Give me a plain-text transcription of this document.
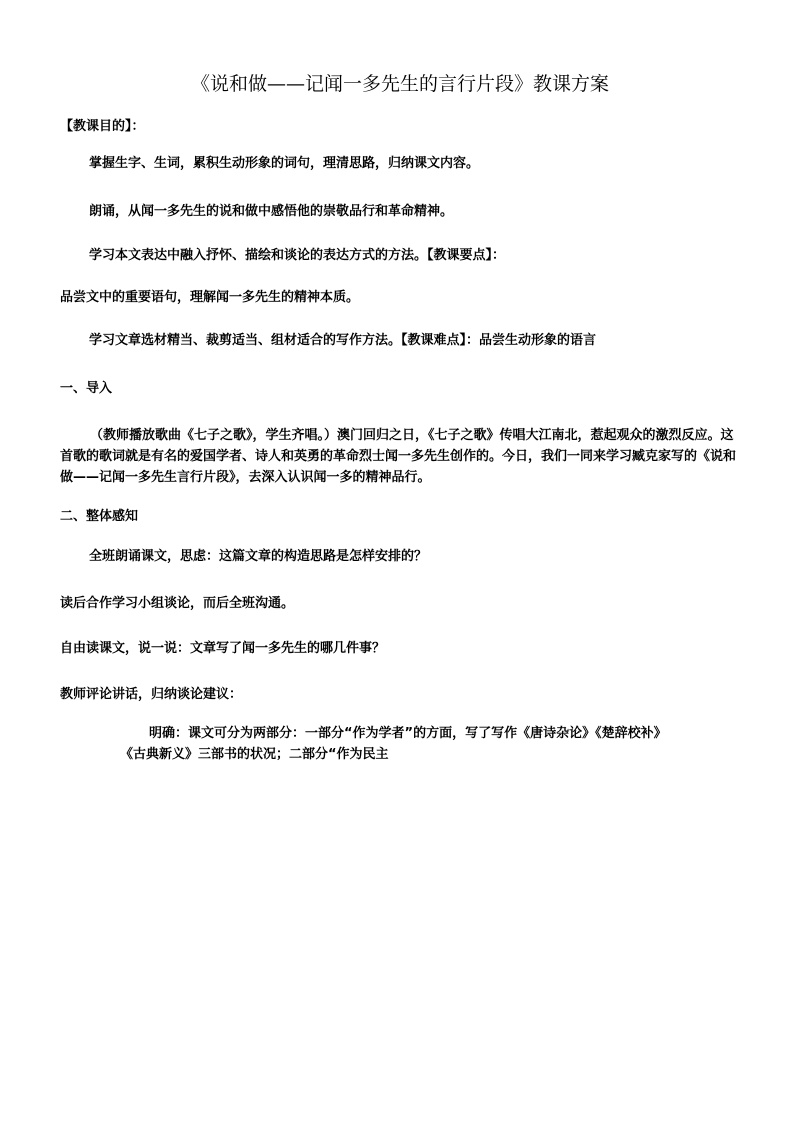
《说和做——记闻一多先生的言行片段》教课方案
【教课目的】：
掌握生字、生词，累积生动形象的词句，理清思路，归纳课文内容。
朗诵，从闻一多先生的说和做中感悟他的崇敬品行和革命精神。
学习本文表达中融入抒怀、描绘和谈论的表达方式的方法。【教课要点】：
品尝文中的重要语句，理解闻一多先生的精神本质。
学习文章选材精当、裁剪适当、组材适合的写作方法。【教课难点】：品尝生动形象的语言
一、导入
（教师播放歌曲《七子之歌》，学生齐唱。）澳门回归之日，《七子之歌》传唱大江南北，惹起观众的激烈反应。这首歌的歌词就是有名的爱国学者、诗人和英勇的革命烈士闻一多先生创作的。今日，我们一同来学习臧克家写的《说和做——记闻一多先生言行片段》，去深入认识闻一多的精神品行。
二、整体感知
全班朗诵课文，思虑：这篇文章的构造思路是怎样安排的？
读后合作学习小组谈论，而后全班沟通。
自由读课文，说一说：文章写了闻一多先生的哪几件事？
教师评论讲话，归纳谈论建议：
明确：课文可分为两部分：一部分“作为学者”的方面，写了写作《唐诗杂论》《楚辞校补》《古典新义》三部书的状况；二部分“作为民主
